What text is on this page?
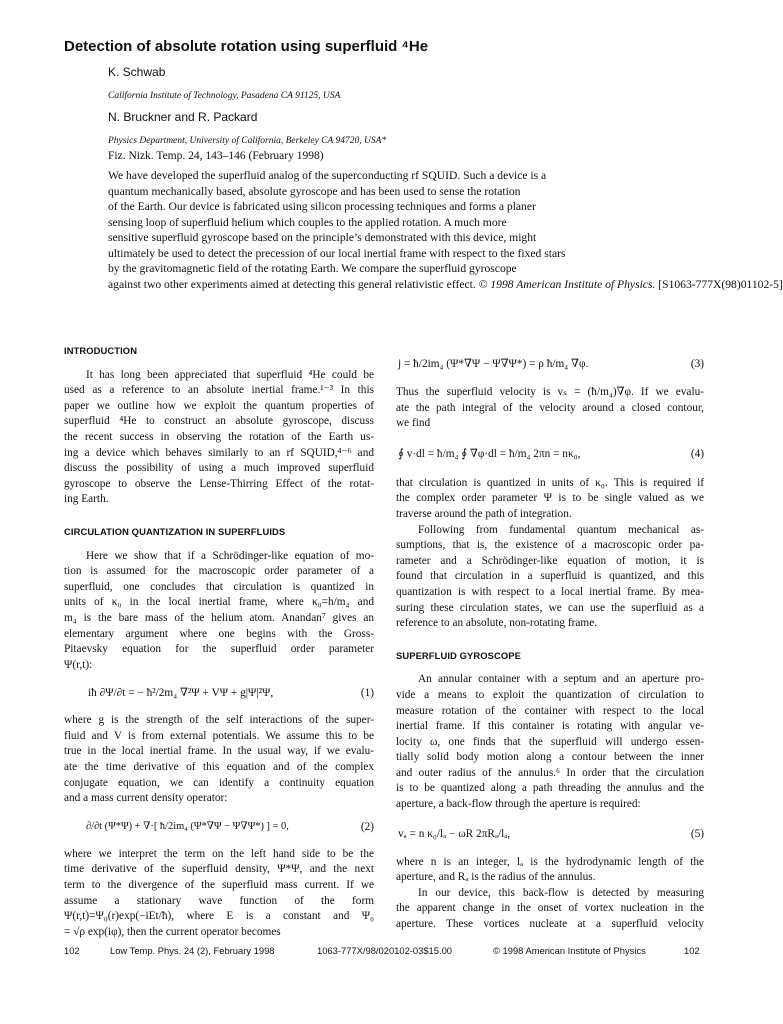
Detection of absolute rotation using superfluid ⁴He
K. Schwab
California Institute of Technology, Pasadena CA 91125, USA
N. Bruckner and R. Packard
Physics Department, University of California, Berkeley CA 94720, USA*
Fiz. Nizk. Temp. 24, 143–146 (February 1998)
We have developed the superfluid analog of the superconducting rf SQUID. Such a device is a
quantum mechanically based, absolute gyroscope and has been used to sense the rotation
of the Earth. Our device is fabricated using silicon processing techniques and forms a planer
sensing loop of superfluid helium which couples to the applied rotation. A much more
sensitive superfluid gyroscope based on the principle’s demonstrated with this device, might
ultimately be used to detect the precession of our local inertial frame with respect to the fixed stars
by the gravitomagnetic field of the rotating Earth. We compare the superfluid gyroscope
against two other experiments aimed at detecting this general relativistic effect. © 1998 American Institute of Physics. [S1063-777X(98)01102-5]
INTRODUCTION
It has long been appreciated that superfluid ⁴He could be
used as a reference to an absolute inertial frame.¹⁻³ In this
paper we outline how we exploit the quantum properties of
superfluid ⁴He to construct an absolute gyroscope, discuss
the recent success in observing the rotation of the Earth us-
ing a device which behaves similarly to an rf SQUID,⁴⁻⁶ and
discuss the possibility of using a much improved superfluid
gyroscope to observe the Lense-Thirring Effect of the rotat-
ing Earth.
CIRCULATION QUANTIZATION IN SUPERFLUIDS
Here we show that if a Schrödinger-like equation of mo-
tion is assumed for the macroscopic order parameter of a
superfluid, one concludes that circulation is quantized in
units of κ₀ in the local inertial frame, where κ₀=h/m₄ and
m₄ is the bare mass of the helium atom. Anandan⁷ gives an
elementary argument where one begins with the Gross-
Pitaevsky equation for the superfluid order parameter
Ψ(r,t):
iħ ∂Ψ/∂t = − ħ²/2m₄ ∇²Ψ + VΨ + g|Ψ|²Ψ,	(1)
where g is the strength of the self interactions of the super-
fluid and V is from external potentials. We assume this to be
true in the local inertial frame. In the usual way, if we evalu-
ate the time derivative of this equation and of the complex
conjugate equation, we can identify a continuity equation
and a mass current density operator:
∂/∂t (Ψ*Ψ) + ∇·[ ħ/2im₄ (Ψ*∇Ψ − Ψ∇Ψ*) ] = 0,	(2)
where we interpret the term on the left hand side to be the
time derivative of the superfluid density, Ψ*Ψ, and the next
term to the divergence of the superfluid mass current. If we
assume a stationary wave function of the form
Ψ(r,t)=Ψ₀(r)exp(−iEt/ħ), where E is a constant and Ψ₀
= √ρ exp(iφ), then the current operator becomes
j = ħ/2im₄ (Ψ*∇Ψ − Ψ∇Ψ*) = ρ ħ/m₄ ∇φ.	(3)
Thus the superfluid velocity is vₛ = (ħ/m₄)∇φ. If we evalu-
ate the path integral of the velocity around a closed contour,
we find
∮ v·dl = ħ/m₄ ∮ ∇φ·dl = ħ/m₄ 2πn = nκ₀,	(4)
that circulation is quantized in units of κ₀. This is required if
the complex order parameter Ψ is to be single valued as we
traverse around the path of integration.
Following from fundamental quantum mechanical as-
sumptions, that is, the existence of a macroscopic order pa-
rameter and a Schrödinger-like equation of motion, it is
found that circulation in a superfluid is quantized, and this
quantization is with respect to a local inertial frame. By mea-
suring these circulation states, we can use the superfluid as a
reference to an absolute, non-rotating frame.
SUPERFLUID GYROSCOPE
An annular container with a septum and an aperture pro-
vide a means to exploit the quantization of circulation to
measure rotation of the container with respect to the local
inertial frame. If this container is rotating with angular ve-
locity ω, one finds that the superfluid will undergo essen-
tially solid body motion along a contour between the inner
and outer radius of the annulus.⁶ In order that the circulation
is to be quantized along a path threading the annulus and the
aperture, a back-flow through the aperture is required:
vₐ = n κ₀/lₐ − ωR 2πRₐ/lₐ,	(5)
where n is an integer, lₐ is the hydrodynamic length of the
aperture, and Rₐ is the radius of the annulus.
In our device, this back-flow is detected by measuring
the apparent change in the onset of vortex nucleation in the
aperture. These vortices nucleate at a superfluid velocity
102	Low Temp. Phys. 24 (2), February 1998	1063-777X/98/020102-03$15.00	© 1998 American Institute of Physics	102
